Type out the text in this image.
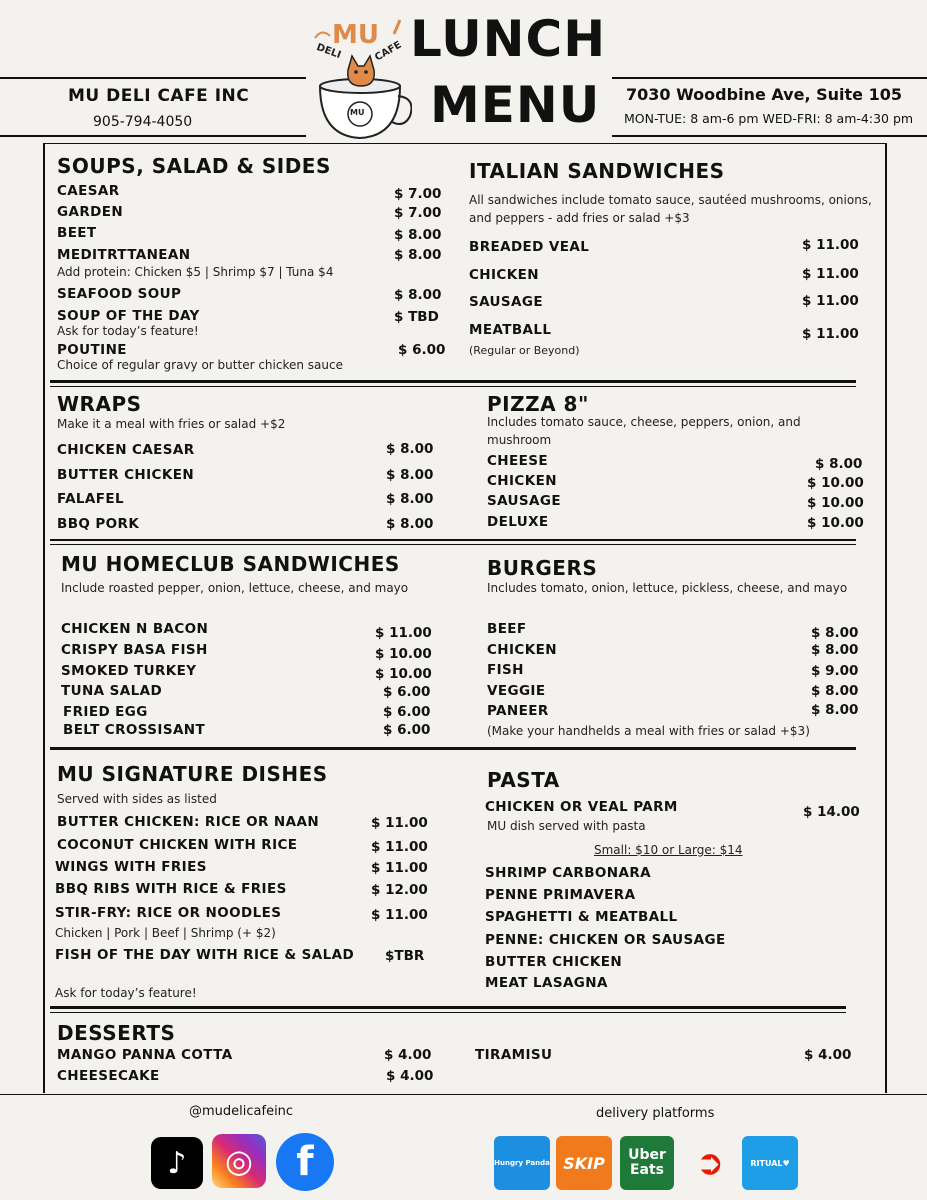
MU DELI CAFE INC
905-794-4050
7030 Woodbine Ave, Suite 105
MON-TUE: 8 am-6 pm WED-FRI: 8 am-4:30 pm
MU
DELI	CAFE
MU
LUNCH
MENU
SOUPS, SALAD & SIDES
CAESAR	$ 7.00
GARDEN	$ 7.00
BEET	$ 8.00
MEDITRTTANEAN	$ 8.00
Add protein: Chicken $5 | Shrimp $7 | Tuna $4
SEAFOOD SOUP	$ 8.00
SOUP OF THE DAY	$ TBD
Ask for today’s feature!
POUTINE	$ 6.00
Choice of regular gravy or butter chicken sauce
ITALIAN SANDWICHES
All sandwiches include tomato sauce, sautéed mushrooms, onions,
and peppers - add fries or salad +$3
BREADED VEAL	$ 11.00
CHICKEN	$ 11.00
SAUSAGE	$ 11.00
MEATBALL	$ 11.00
(Regular or Beyond)
WRAPS
Make it a meal with fries or salad +$2
CHICKEN CAESAR	$ 8.00
BUTTER CHICKEN	$ 8.00
FALAFEL	$ 8.00
BBQ PORK	$ 8.00
PIZZA 8"
Includes tomato sauce, cheese, peppers, onion, and
mushroom
CHEESE	$ 8.00
CHICKEN	$ 10.00
SAUSAGE	$ 10.00
DELUXE	$ 10.00
MU HOMECLUB SANDWICHES
Include roasted pepper, onion, lettuce, cheese, and mayo
CHICKEN N BACON	$ 11.00
CRISPY BASA FISH	$ 10.00
SMOKED TURKEY	$ 10.00
TUNA SALAD	$ 6.00
FRIED EGG	$ 6.00
BELT CROSSISANT	$ 6.00
BURGERS
Includes tomato, onion, lettuce, pickless, cheese, and mayo
BEEF	$ 8.00
CHICKEN	$ 8.00
FISH	$ 9.00
VEGGIE	$ 8.00
PANEER	$ 8.00
(Make your handhelds a meal with fries or salad +$3)
MU SIGNATURE DISHES
Served with sides as listed
BUTTER CHICKEN: RICE OR NAAN	$ 11.00
COCONUT CHICKEN WITH RICE	$ 11.00
WINGS WITH FRIES	$ 11.00
BBQ RIBS WITH RICE & FRIES	$ 12.00
STIR-FRY: RICE OR NOODLES	$ 11.00
Chicken | Pork | Beef | Shrimp (+ $2)
FISH OF THE DAY WITH RICE & SALAD $TBR
Ask for today’s feature!
PASTA
CHICKEN OR VEAL PARM	$ 14.00
MU dish served with pasta
Small: $10 or Large: $14
SHRIMP CARBONARA
PENNE PRIMAVERA
SPAGHETTI & MEATBALL
PENNE: CHICKEN OR SAUSAGE
BUTTER CHICKEN
MEAT LASAGNA
DESSERTS
MANGO PANNA COTTA	$ 4.00
CHEESECAKE	$ 4.00
TIRAMISU	$ 4.00
@mudelicafeinc	delivery platforms
♪ ◎ f	Hungry Panda SKIP Uber Eats ➲	RITUAL♥
